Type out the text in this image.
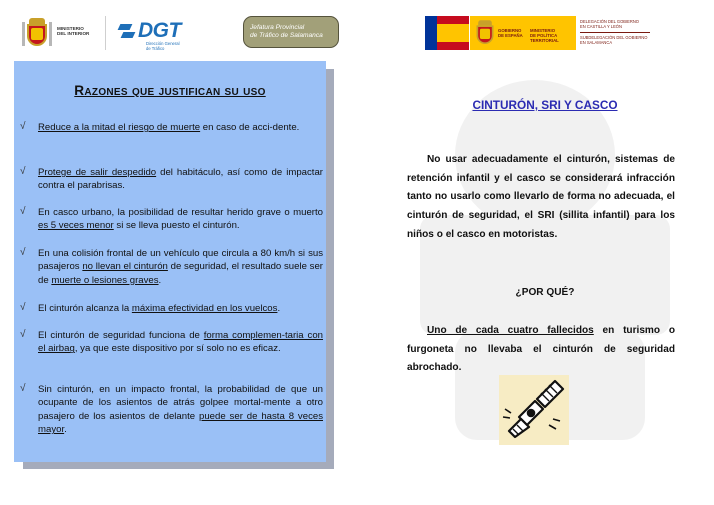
MINISTERIO
DEL INTERIOR DGT
Dirección General
de Tráfico
Jefatura Provincial
de Tráfico de Salamanca
Razones que justifican su uso
√ Reduce a la mitad el riesgo de muerte en caso de acci-dente.
√ Protege de salir despedido del habitáculo, así como de impactar contra el parabrisas.
√ En casco urbano, la posibilidad de resultar herido grave o muerto es 5 veces menor si se lleva puesto el cinturón.
√ En una colisión frontal de un vehículo que circula a 80 km/h si sus pasajeros no llevan el cinturón de seguridad, el resultado suele ser de muerte o lesiones graves.
√ El cinturón alcanza la máxima efectividad en los vuelcos.
√ El cinturón de seguridad funciona de forma complemen-taria con el airbag, ya que este dispositivo por sí solo no es eficaz.
√ Sin cinturón, en un impacto frontal, la probabilidad de que un ocupante de los asientos de atrás golpee mortal-mente a otro pasajero de los asientos de delante puede ser de hasta 8 veces mayor.
GOBIERNO
DE ESPAÑA
MINISTERIO
DE POLÍTICA TERRITORIAL
DELEGACIÓN DEL GOBIERNO
EN CASTILLA Y LEÓN
SUBDELEGACIÓN DEL GOBIERNO
EN SALAMANCA
CINTURÓN, SRI Y CASCO
No usar adecuadamente el cinturón, sistemas de retención infantil y el casco se considerará infracción tanto no usarlo como llevarlo de forma no adecuada, el cinturón de seguridad, el SRI (sillita infantil) para los niños o el casco en motoristas.
¿POR QUÉ?
Uno de cada cuatro fallecidos en turismo o furgoneta no llevaba el cinturón de seguridad abrochado.
